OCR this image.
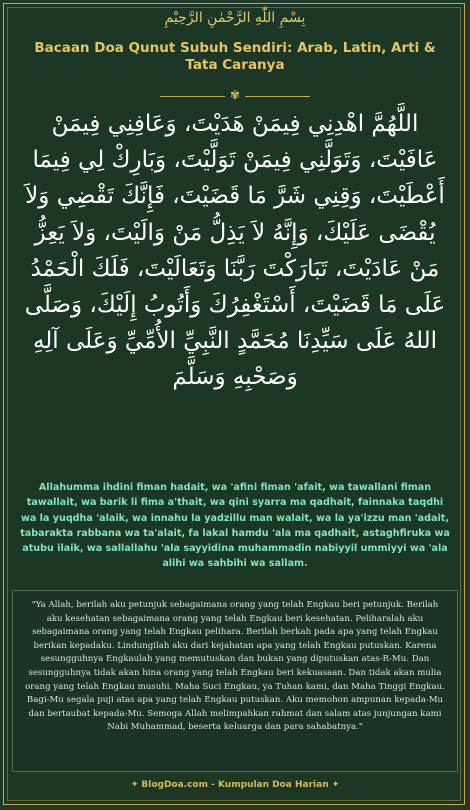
بِسْمِ اللّٰهِ الرَّحْمٰنِ الرَّحِيْمِ
Bacaan Doa Qunut Subuh Sendiri: Arab, Latin, Arti & Tata Caranya
✾
اللَّهُمَّ اهْدِنِي فِيمَنْ هَدَيْتَ، وَعَافِنِي فِيمَنْ عَافَيْتَ، وَتَوَلَّنِي فِيمَنْ تَوَلَّيْتَ، وَبَارِكْ لِي فِيمَا أَعْطَيْتَ، وَقِنِي شَرَّ مَا قَضَيْتَ، فَإِنَّكَ تَقْضِي وَلاَ يُقْضَى عَلَيْكَ، وَإِنَّهُ لاَ يَذِلُّ مَنْ وَالَيْتَ، وَلاَ يَعِزُّ مَنْ عَادَيْتَ، تَبَارَكْتَ رَبَّنَا وَتَعَالَيْتَ، فَلَكَ الْحَمْدُ عَلَى مَا قَضَيْتَ، أَسْتَغْفِرُكَ وَأَتُوبُ إِلَيْكَ، وَصَلَّى اللهُ عَلَى سَيِّدِنَا مُحَمَّدٍ النَّبِيِّ الأُمِّيِّ وَعَلَى آلِهِ وَصَحْبِهِ وَسَلَّمَ
Allahumma ihdini fiman hadait, wa 'afini fiman 'afait, wa tawallani fiman tawallait, wa barik li fima a'thait, wa qini syarra ma qadhait, fainnaka taqdhi wa la yuqdha 'alaik, wa innahu la yadzillu man walait, wa la ya'izzu man 'adait, tabarakta rabbana wa ta'alait, fa lakal hamdu 'ala ma qadhait, astaghfiruka wa atubu ilaik, wa sallallahu 'ala sayyidina muhammadin nabiyyil ummiyyi wa 'ala alihi wa sahbihi wa sallam.
"Ya Allah, berilah aku petunjuk sebagaimana orang yang telah Engkau beri petunjuk. Berilah aku kesehatan sebagaimana orang yang telah Engkau beri kesehatan. Peliharalah aku sebagaimana orang yang telah Engkau pelihara. Berilah berkah pada apa yang telah Engkau berikan kepadaku. Lindungilah aku dari kejahatan apa yang telah Engkau putuskan. Karena sesungguhnya Engkaulah yang memutuskan dan bukan yang diputuskan atas-R-Mu. Dan sesungguhnya tidak akan hina orang yang telah Engkau beri kekuasaan. Dan tidak akan mulia orang yang telah Engkau musuhi. Maha Suci Engkau, ya Tuhan kami, dan Maha Tinggi Engkau. Bagi-Mu segala puji atas apa yang telah Engkau putuskan. Aku memohon ampunan kepada-Mu dan bertaubat kepada-Mu. Semoga Allah melimpahkan rahmat dan salam atas junjungan kami Nabi Muhammad, beserta keluarga dan para sahabatnya."
✦ BlogDoa.com - Kumpulan Doa Harian ✦
